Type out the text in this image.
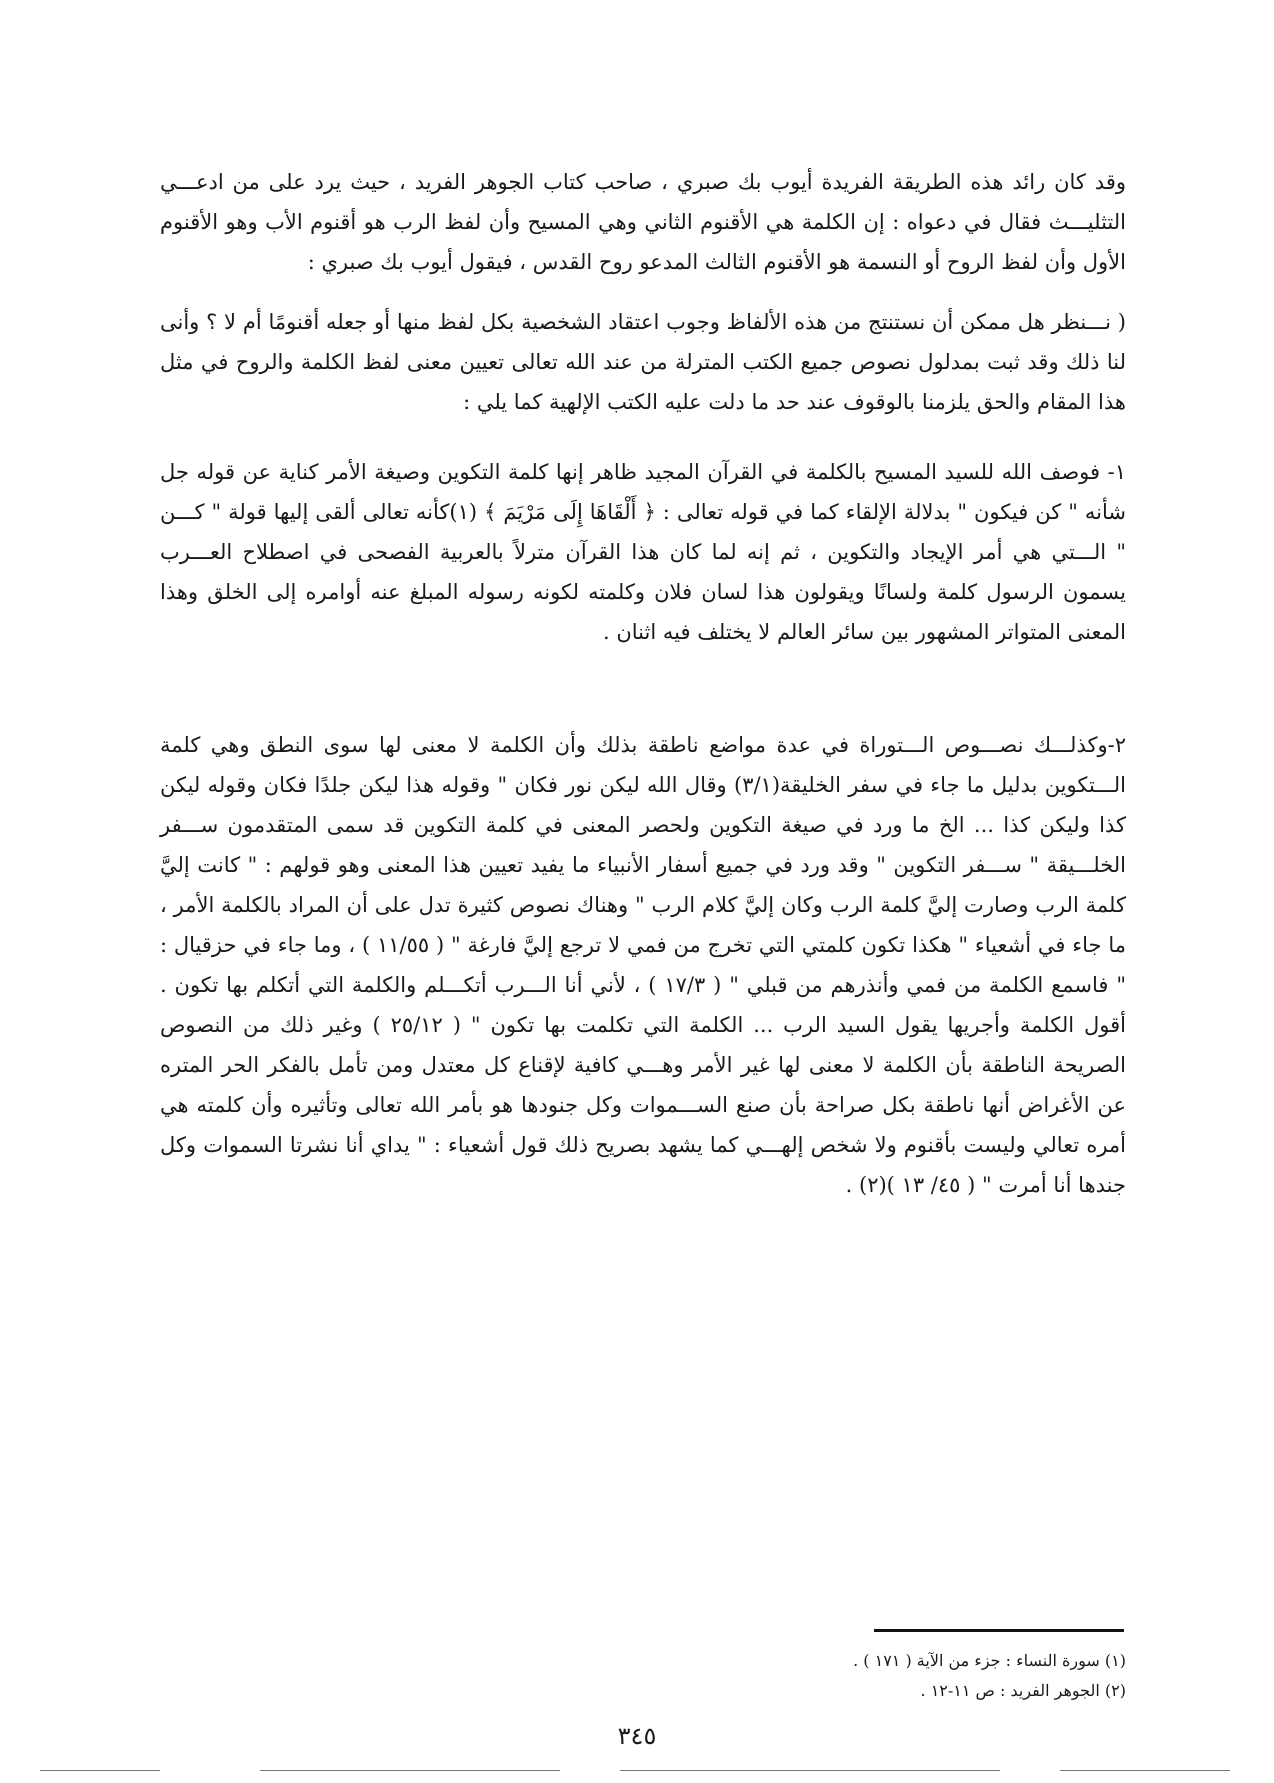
وقد كان رائد هذه الطريقة الفريدة أيوب بك صبري ، صاحب كتاب الجوهر الفريد ، حيث يرد على من ادعـــي التثليـــث فقال في دعواه : إن الكلمة هي الأقنوم الثاني وهي المسيح وأن لفظ الرب هو أقنوم الأب وهو الأقنوم الأول وأن لفظ الروح أو النسمة هو الأقنوم الثالث المدعو روح القدس ، فيقول أيوب بك صبري :

( نـــنظر هل ممكن أن نستنتج من هذه الألفاظ وجوب اعتقاد الشخصية بكل لفظ منها أو جعله أقنومًا أم لا ؟ وأنى لنا ذلك وقد ثبت بمدلول نصوص جميع الكتب المترلة من عند الله تعالى تعيين معنى لفظ الكلمة والروح في مثل هذا المقام والحق يلزمنا بالوقوف عند حد ما دلت عليه الكتب الإلهية كما يلي :

١- فوصف الله للسيد المسيح بالكلمة في القرآن المجيد ظاهر إنها كلمة التكوين وصيغة الأمر كناية عن قوله جل شأنه " كن فيكون " بدلالة الإلقاء كما في قوله تعالى : ﴿ أَلْقَاهَا إِلَى مَرْيَمَ ﴾ (١)كأنه تعالى ألقى إليها قولة " كـــن " الـــتي هي أمر الإيجاد والتكوين ، ثم إنه لما كان هذا القرآن مترلاً بالعربية الفصحى في اصطلاح العـــرب يسمون الرسول كلمة ولسانًا ويقولون هذا لسان فلان وكلمته لكونه رسوله المبلغ عنه أوامره إلى الخلق وهذا المعنى المتواتر المشهور بين سائر العالم لا يختلف فيه اثنان .

٢-وكذلـــك نصـــوص الـــتوراة في عدة مواضع ناطقة بذلك وأن الكلمة لا معنى لها سوى النطق وهي كلمة الـــتكوين بدليل ما جاء في سفر الخليقة(٣/١) وقال الله ليكن نور فكان " وقوله هذا ليكن جلدًا فكان وقوله ليكن كذا وليكن كذا ... الخ ما ورد في صيغة التكوين ولحصر المعنى في كلمة التكوين قد سمى المتقدمون ســـفر الخلـــيقة " ســـفر التكوين " وقد ورد في جميع أسفار الأنبياء ما يفيد تعيين هذا المعنى وهو قولهم : " كانت إليَّ كلمة الرب وصارت إليَّ كلمة الرب وكان إليَّ كلام الرب " وهناك نصوص كثيرة تدل على أن المراد بالكلمة الأمر ، ما جاء في أشعياء " هكذا تكون كلمتي التي تخرج من فمي لا ترجع إليَّ فارغة " ( ١١/٥٥ ) ، وما جاء في حزقيال : " فاسمع الكلمة من فمي وأنذرهم من قبلي " ( ١٧/٣ ) ، لأني أنا الـــرب أتكـــلم والكلمة التي أتكلم بها تكون . أقول الكلمة وأجريها يقول السيد الرب ... الكلمة التي تكلمت بها تكون " ( ٢٥/١٢ ) وغير ذلك من النصوص الصريحة الناطقة بأن الكلمة لا معنى لها غير الأمر وهـــي كافية لإقناع كل معتدل ومن تأمل بالفكر الحر المتره عن الأغراض أنها ناطقة بكل صراحة بأن صنع الســـموات وكل جنودها هو بأمر الله تعالى وتأثيره وأن كلمته هي أمره تعالي وليست بأقنوم ولا شخص إلهـــي كما يشهد بصريح ذلك قول أشعياء : " يداي أنا نشرتا السموات وكل جندها أنا أمرت " ( ٤٥/ ١٣ )(٢) .

(١) سورة النساء : جزء من الآية ( ١٧١ ) .

(٢) الجوهر الفريد : ص ١١-١٢ .

٣٤٥
